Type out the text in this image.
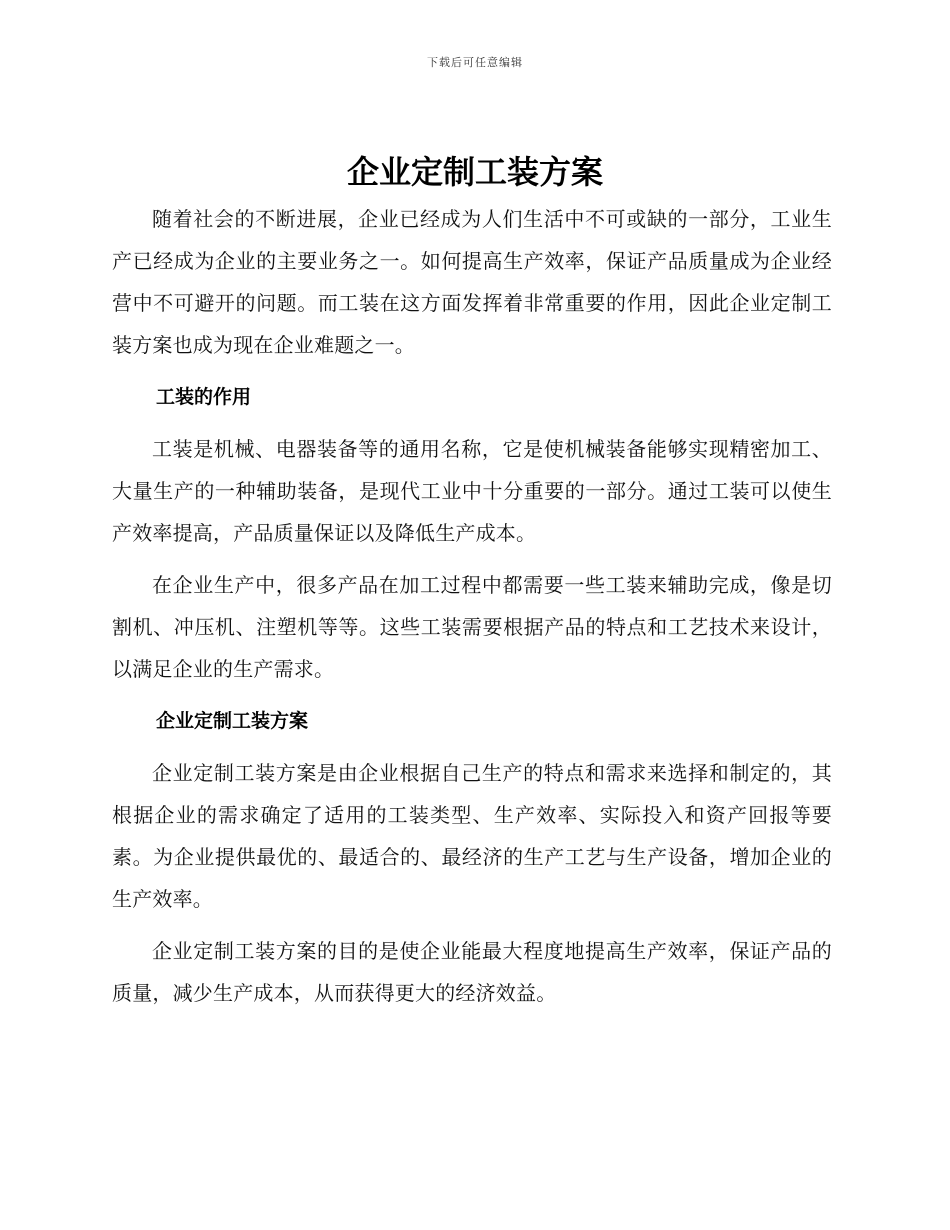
下载后可任意编辑
企业定制工装方案

随着社会的不断进展，企业已经成为人们生活中不可或缺的一部分，工业生产已经成为企业的主要业务之一。如何提高生产效率，保证产品质量成为企业经营中不可避开的问题。而工装在这方面发挥着非常重要的作用，因此企业定制工装方案也成为现在企业难题之一。

工装的作用

工装是机械、电器装备等的通用名称，它是使机械装备能够实现精密加工、大量生产的一种辅助装备，是现代工业中十分重要的一部分。通过工装可以使生产效率提高，产品质量保证以及降低生产成本。

在企业生产中，很多产品在加工过程中都需要一些工装来辅助完成，像是切割机、冲压机、注塑机等等。这些工装需要根据产品的特点和工艺技术来设计，以满足企业的生产需求。

企业定制工装方案

企业定制工装方案是由企业根据自己生产的特点和需求来选择和制定的，其根据企业的需求确定了适用的工装类型、生产效率、实际投入和资产回报等要素。为企业提供最优的、最适合的、最经济的生产工艺与生产设备，增加企业的生产效率。

企业定制工装方案的目的是使企业能最大程度地提高生产效率，保证产品的质量，减少生产成本，从而获得更大的经济效益。
